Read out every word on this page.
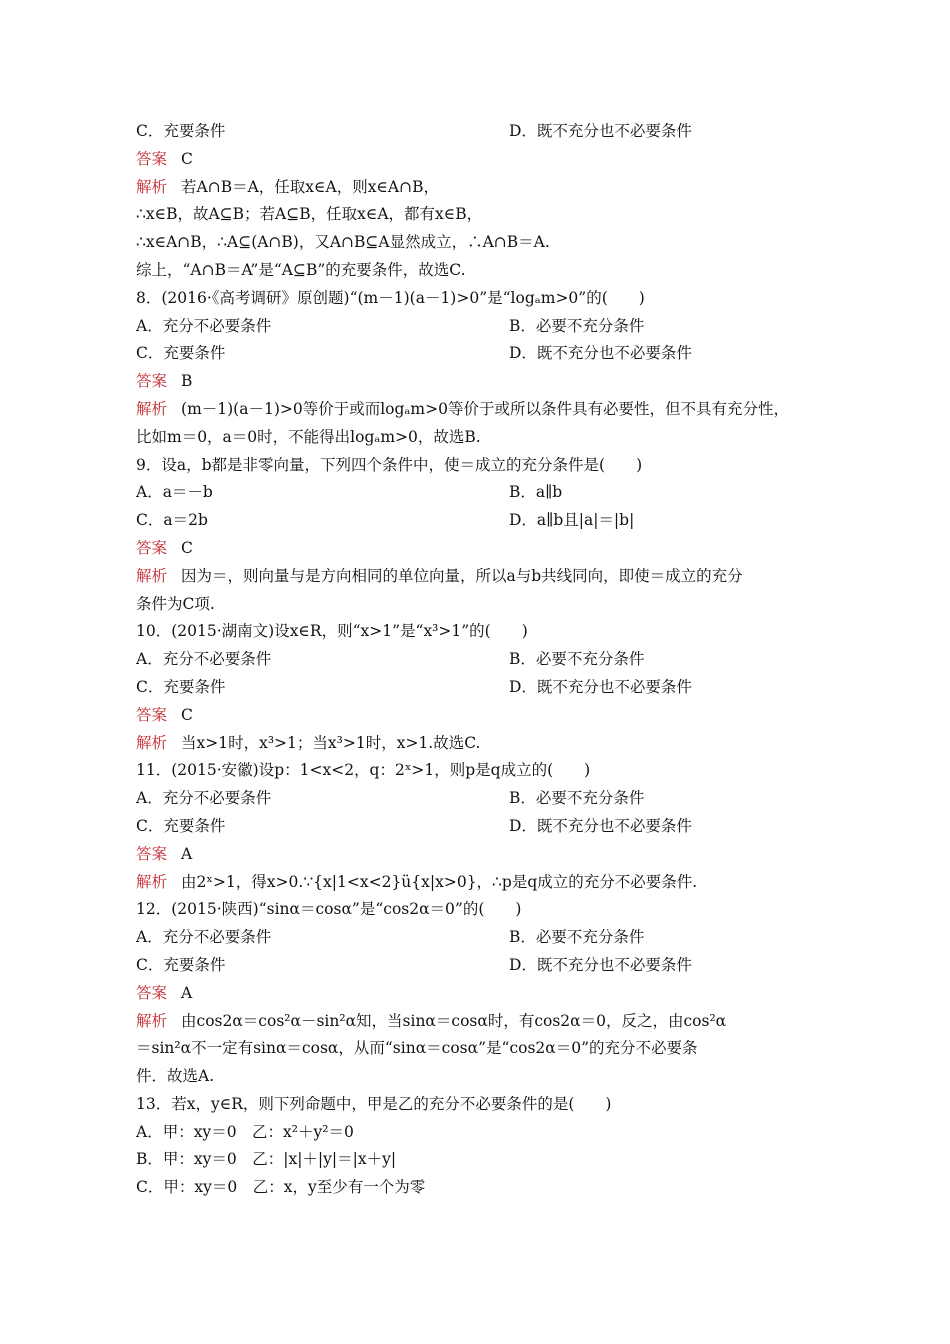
C．充要条件	D．既不充分也不必要条件
答案 C
解析 若A∩B＝A，任取x∈A，则x∈A∩B，
∴x∈B，故A⊆B；若A⊆B，任取x∈A，都有x∈B，
∴x∈A∩B，∴A⊆(A∩B)，又A∩B⊆A显然成立，∴A∩B＝A.
综上，“A∩B＝A”是“A⊆B”的充要条件，故选C.
8．(2016·《高考调研》原创题)“(m－1)(a－1)>0”是“logₐm>0”的(　　)
A．充分不必要条件	B．必要不充分条件
C．充要条件	D．既不充分也不必要条件
答案 B
解析 (m－1)(a－1)>0等价于或而logₐm>0等价于或所以条件具有必要性，但不具有充分性，
比如m＝0，a＝0时，不能得出logₐm>0，故选B.
9．设a，b都是非零向量，下列四个条件中，使＝成立的充分条件是(　　)
A．a＝－b	B．a∥b
C．a＝2b	D．a∥b且|a|＝|b|
答案 C
解析 因为＝，则向量与是方向相同的单位向量，所以a与b共线同向，即使＝成立的充分
条件为C项.
10．(2015·湖南文)设x∈R，则“x>1”是“x³>1”的(　　)
A．充分不必要条件	B．必要不充分条件
C．充要条件	D．既不充分也不必要条件
答案 C
解析 当x>1时，x³>1；当x³>1时，x>1.故选C.
11．(2015·安徽)设p：1<x<2，q：2ˣ>1，则p是q成立的(　　)
A．充分不必要条件	B．必要不充分条件
C．充要条件	D．既不充分也不必要条件
答案 A
解析 由2ˣ>1，得x>0.∵{x|1<x<2}ü{x|x>0}，∴p是q成立的充分不必要条件.
12．(2015·陕西)“sinα＝cosα”是“cos2α＝0”的(　　)
A．充分不必要条件	B．必要不充分条件
C．充要条件	D．既不充分也不必要条件
答案 A
解析 由cos2α＝cos²α－sin²α知，当sinα＝cosα时，有cos2α＝0，反之，由cos²α
＝sin²α不一定有sinα＝cosα，从而“sinα＝cosα”是“cos2α＝0”的充分不必要条
件．故选A.
13．若x，y∈R，则下列命题中，甲是乙的充分不必要条件的是(　　)
A．甲：xy＝0　乙：x²＋y²＝0
B．甲：xy＝0　乙：|x|＋|y|＝|x＋y|
C．甲：xy＝0　乙：x，y至少有一个为零
